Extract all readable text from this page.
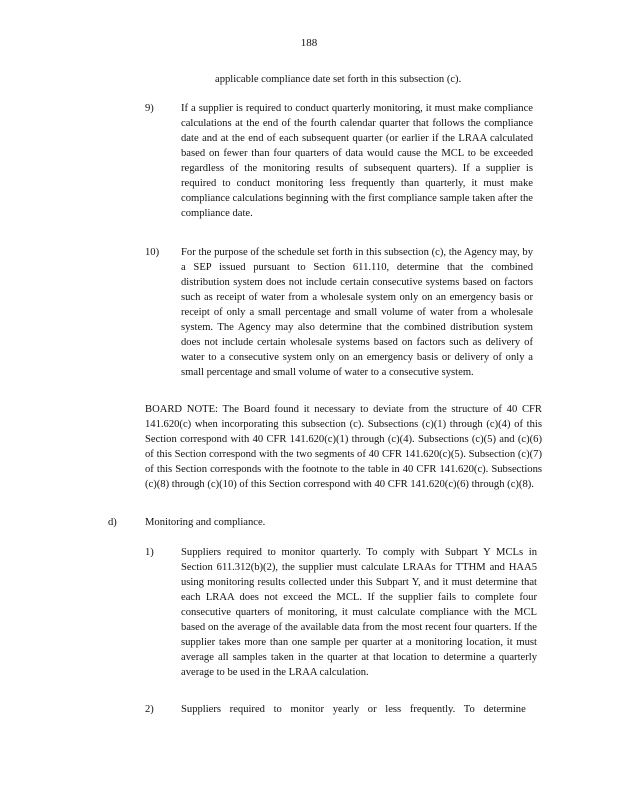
188
applicable compliance date set forth in this subsection (c).
9)	If a supplier is required to conduct quarterly monitoring, it must make compliance calculations at the end of the fourth calendar quarter that follows the compliance date and at the end of each subsequent quarter (or earlier if the LRAA calculated based on fewer than four quarters of data would cause the MCL to be exceeded regardless of the monitoring results of subsequent quarters). If a supplier is required to conduct monitoring less frequently than quarterly, it must make compliance calculations beginning with the first compliance sample taken after the compliance date.
10) For the purpose of the schedule set forth in this subsection (c), the Agency may, by a SEP issued pursuant to Section 611.110, determine that the combined distribution system does not include certain consecutive systems based on factors such as receipt of water from a wholesale system only on an emergency basis or receipt of only a small percentage and small volume of water from a wholesale system. The Agency may also determine that the combined distribution system does not include certain wholesale systems based on factors such as delivery of water to a consecutive system only on an emergency basis or delivery of only a small percentage and small volume of water to a consecutive system.
BOARD NOTE: The Board found it necessary to deviate from the structure of 40 CFR 141.620(c) when incorporating this subsection (c). Subsections (c)(1) through (c)(4) of this Section correspond with 40 CFR 141.620(c)(1) through (c)(4). Subsections (c)(5) and (c)(6) of this Section correspond with the two segments of 40 CFR 141.620(c)(5). Subsection (c)(7) of this Section corresponds with the footnote to the table in 40 CFR 141.620(c). Subsections (c)(8) through (c)(10) of this Section correspond with 40 CFR 141.620(c)(6) through (c)(8).
d)	Monitoring and compliance.
1)	Suppliers required to monitor quarterly. To comply with Subpart Y MCLs in Section 611.312(b)(2), the supplier must calculate LRAAs for TTHM and HAA5 using monitoring results collected under this Subpart Y, and it must determine that each LRAA does not exceed the MCL. If the supplier fails to complete four consecutive quarters of monitoring, it must calculate compliance with the MCL based on the average of the available data from the most recent four quarters. If the supplier takes more than one sample per quarter at a monitoring location, it must average all samples taken in the quarter at that location to determine a quarterly average to be used in the LRAA calculation.
2)	Suppliers required to monitor yearly or less frequently. To determine
